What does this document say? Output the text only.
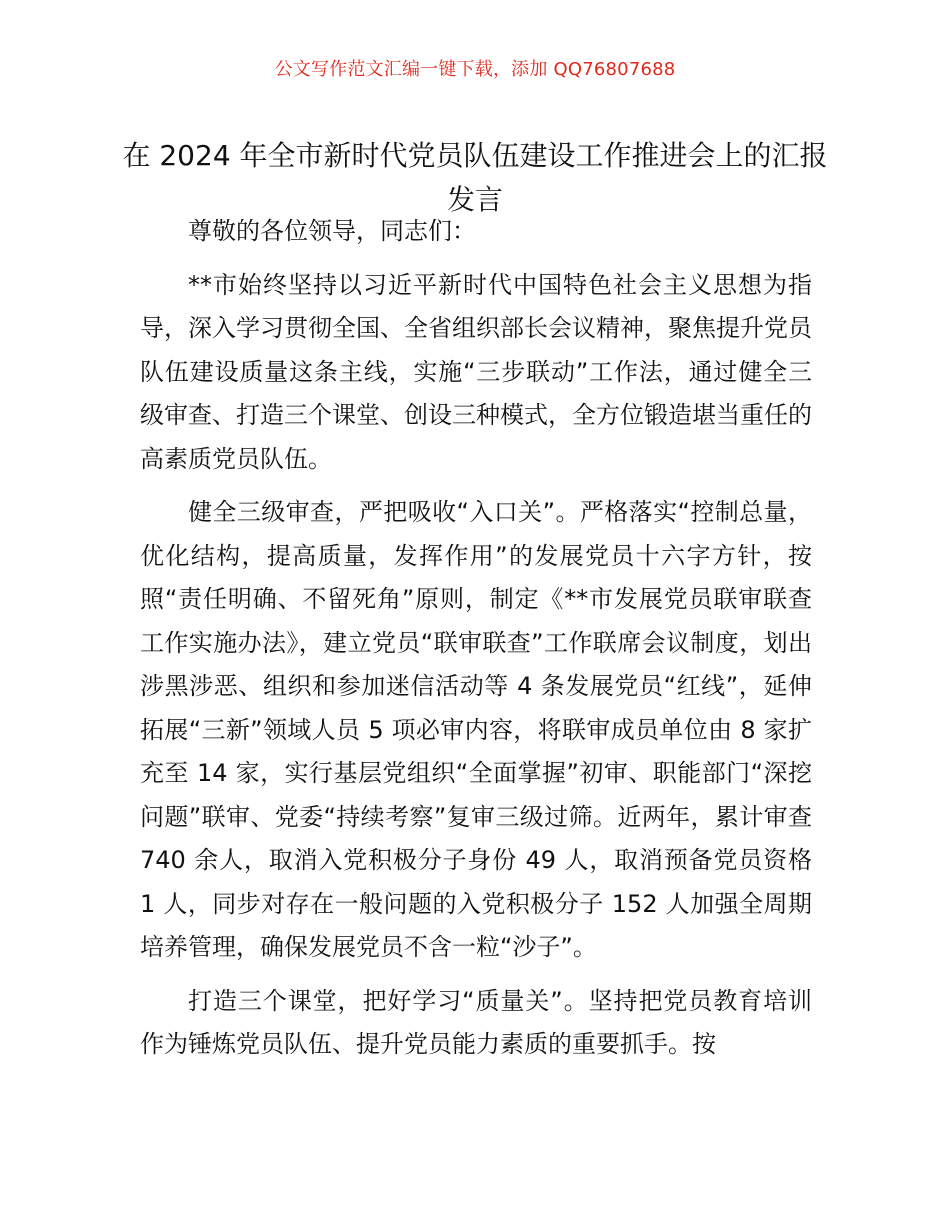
公文写作范文汇编一键下载，添加 QQ76807688
在 2024 年全市新时代党员队伍建设工作推进会上的汇报发言

尊敬的各位领导，同志们：

**市始终坚持以习近平新时代中国特色社会主义思想为指导，深入学习贯彻全国、全省组织部长会议精神，聚焦提升党员队伍建设质量这条主线，实施“三步联动”工作法，通过健全三级审查、打造三个课堂、创设三种模式，全方位锻造堪当重任的高素质党员队伍。

健全三级审查，严把吸收“入口关”。严格落实“控制总量，优化结构，提高质量，发挥作用”的发展党员十六字方针，按照“责任明确、不留死角”原则，制定《**市发展党员联审联查工作实施办法》，建立党员“联审联查”工作联席会议制度，划出涉黑涉恶、组织和参加迷信活动等 4 条发展党员“红线”，延伸拓展“三新”领域人员 5 项必审内容，将联审成员单位由 8 家扩充至 14 家，实行基层党组织“全面掌握”初审、职能部门“深挖问题”联审、党委“持续考察”复审三级过筛。近两年，累计审查 740 余人，取消入党积极分子身份 49 人，取消预备党员资格 1 人，同步对存在一般问题的入党积极分子 152 人加强全周期培养管理，确保发展党员不含一粒“沙子”。

打造三个课堂，把好学习“质量关”。坚持把党员教育培训作为锤炼党员队伍、提升党员能力素质的重要抓手。按
